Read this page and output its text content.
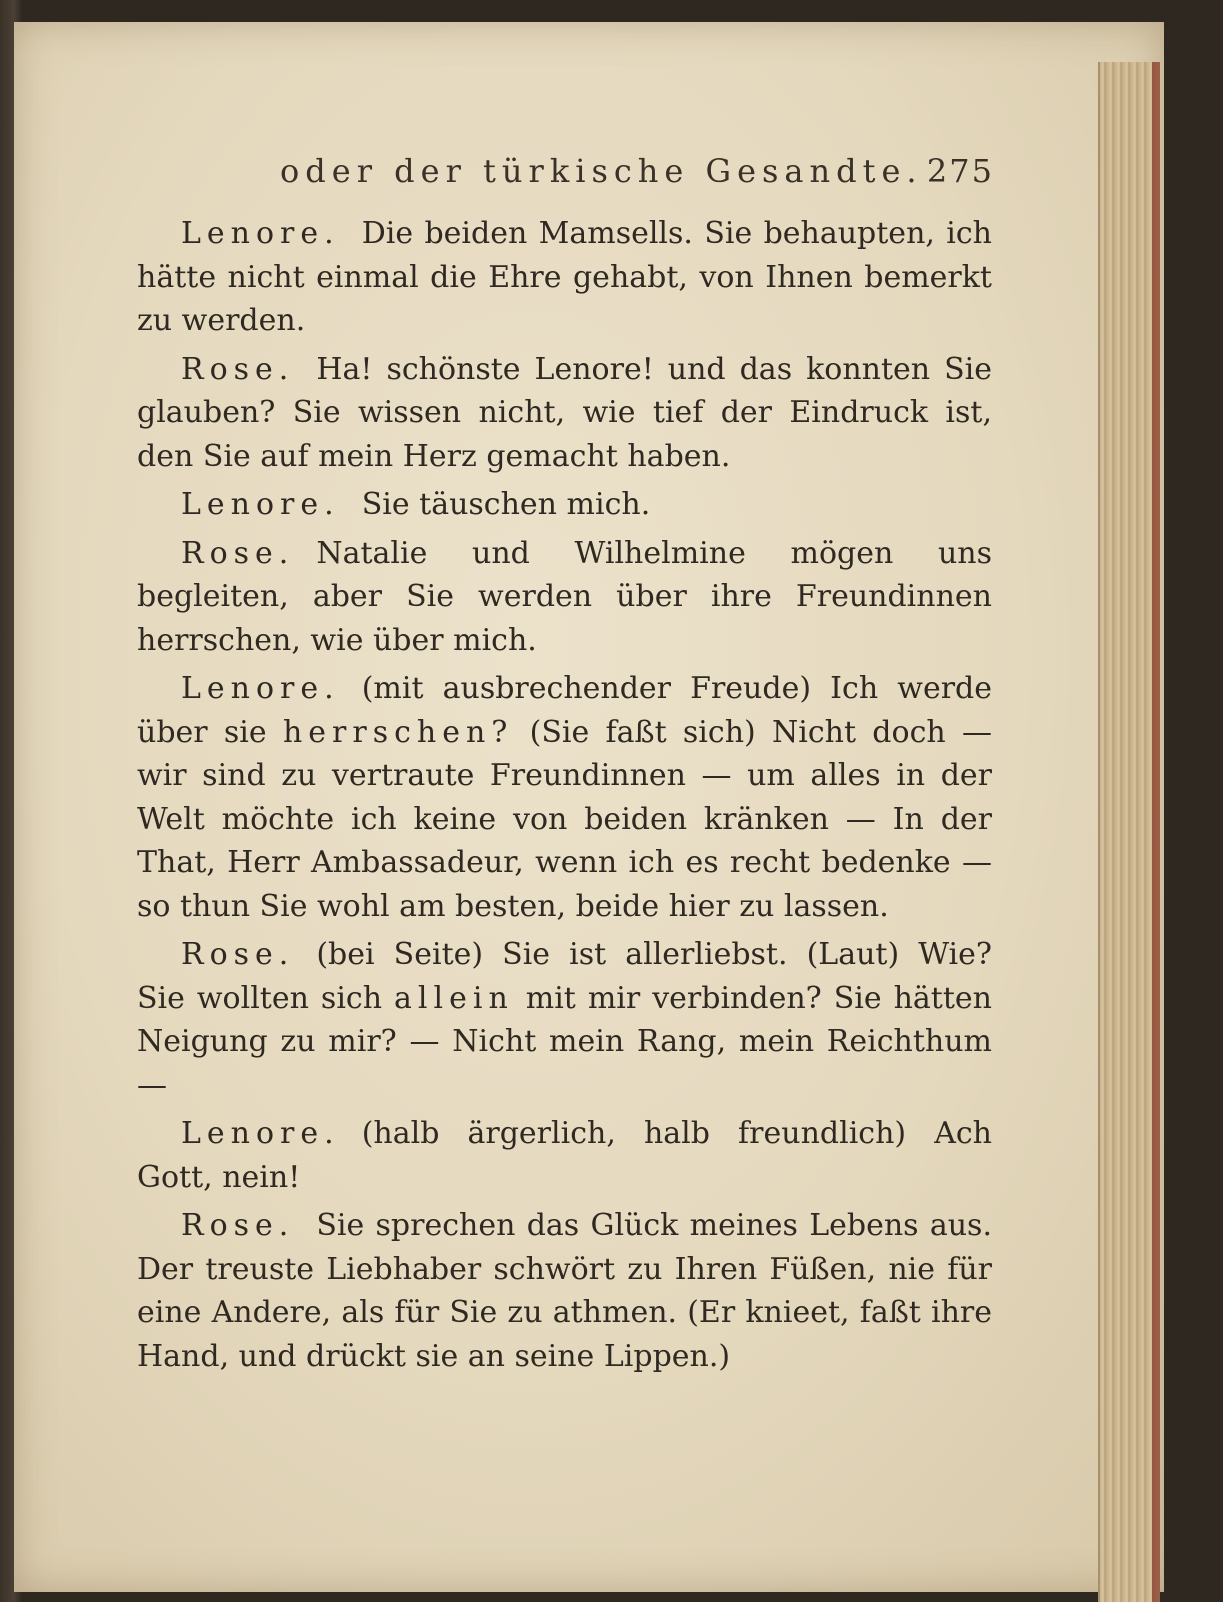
oder der türkische Gesandte. 275

Lenore. Die beiden Mamsells. Sie behaupten, ich hätte nicht einmal die Ehre gehabt, von Ihnen bemerkt zu werden.

Rose. Ha! schönste Lenore! und das konnten Sie glauben? Sie wissen nicht, wie tief der Eindruck ist, den Sie auf mein Herz gemacht haben.

Lenore. Sie täuschen mich.

Rose. Natalie und Wilhelmine mögen uns begleiten, aber Sie werden über ihre Freundinnen herrschen, wie über mich.

Lenore. (mit ausbrechender Freude) Ich werde über sie herrschen? (Sie faßt sich) Nicht doch — wir sind zu vertraute Freundinnen — um alles in der Welt möchte ich keine von beiden kränken — In der That, Herr Ambassadeur, wenn ich es recht bedenke — so thun Sie wohl am besten, beide hier zu lassen.

Rose. (bei Seite) Sie ist allerliebst. (Laut) Wie? Sie wollten sich allein mit mir verbinden? Sie hätten Neigung zu mir? — Nicht mein Rang, mein Reichthum —

Lenore. (halb ärgerlich, halb freundlich) Ach Gott, nein!

Rose. Sie sprechen das Glück meines Lebens aus. Der treuste Liebhaber schwört zu Ihren Füßen, nie für eine Andere, als für Sie zu athmen. (Er knieet, faßt ihre Hand, und drückt sie an seine Lippen.)
